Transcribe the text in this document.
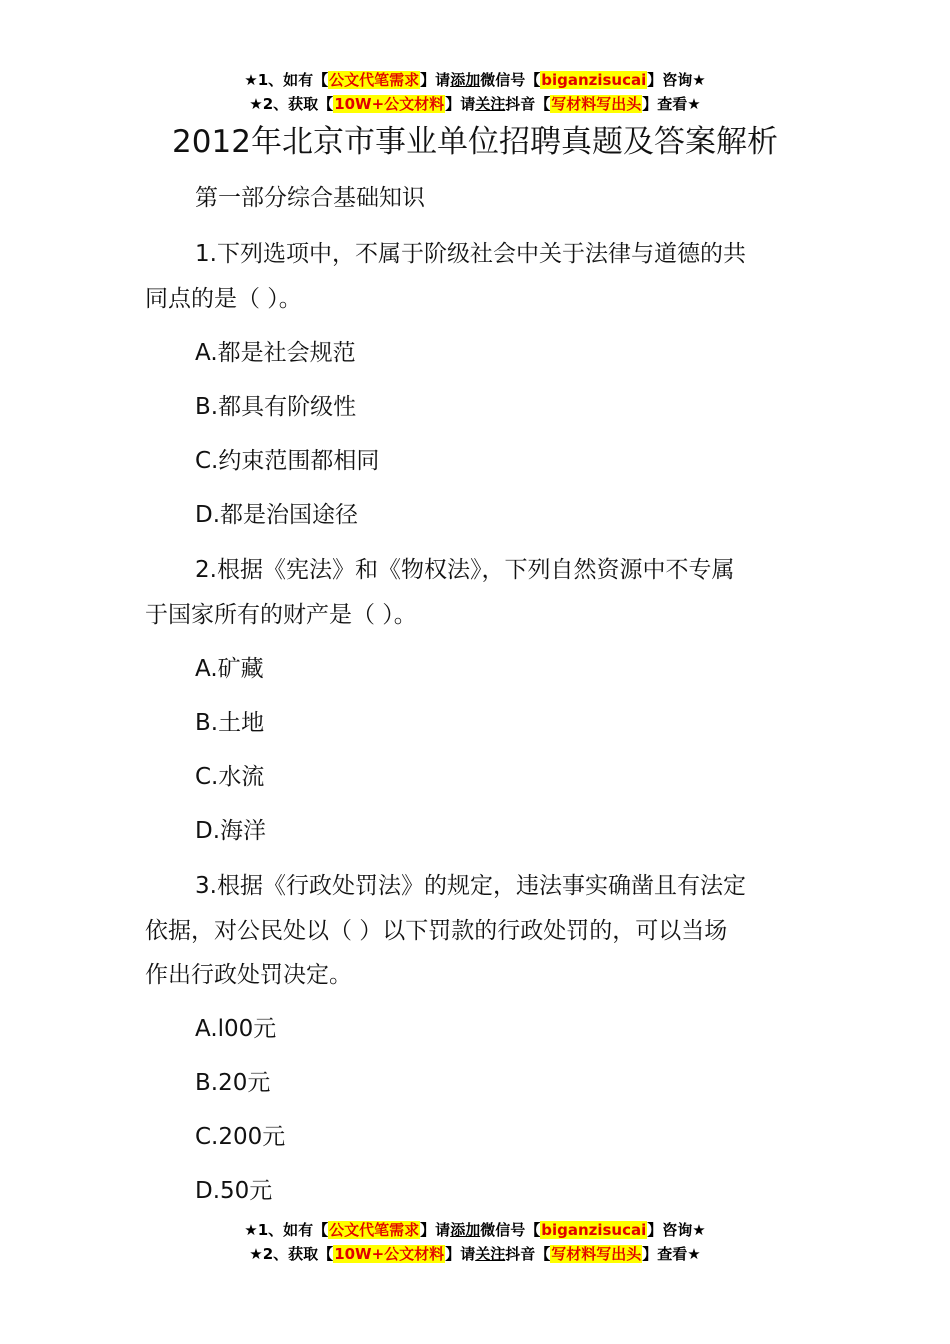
★1、如有【公文代笔需求】请添加微信号【biganzisucai】咨询★
★2、获取【10W+公文材料】请关注抖音【写材料写出头】查看★
2012年北京市事业单位招聘真题及答案解析
第一部分综合基础知识
1.下列选项中，不属于阶级社会中关于法律与道德的共
同点的是（ ）。
A.都是社会规范
B.都具有阶级性
C.约束范围都相同
D.都是治国途径
2.根据《宪法》和《物权法》，下列自然资源中不专属
于国家所有的财产是（ ）。
A.矿藏
B.土地
C.水流
D.海洋
3.根据《行政处罚法》的规定，违法事实确凿且有法定
依据，对公民处以（ ）以下罚款的行政处罚的，可以当场
作出行政处罚决定。
A.l00元
B.20元
C.200元
D.50元
★1、如有【公文代笔需求】请添加微信号【biganzisucai】咨询★
★2、获取【10W+公文材料】请关注抖音【写材料写出头】查看★
